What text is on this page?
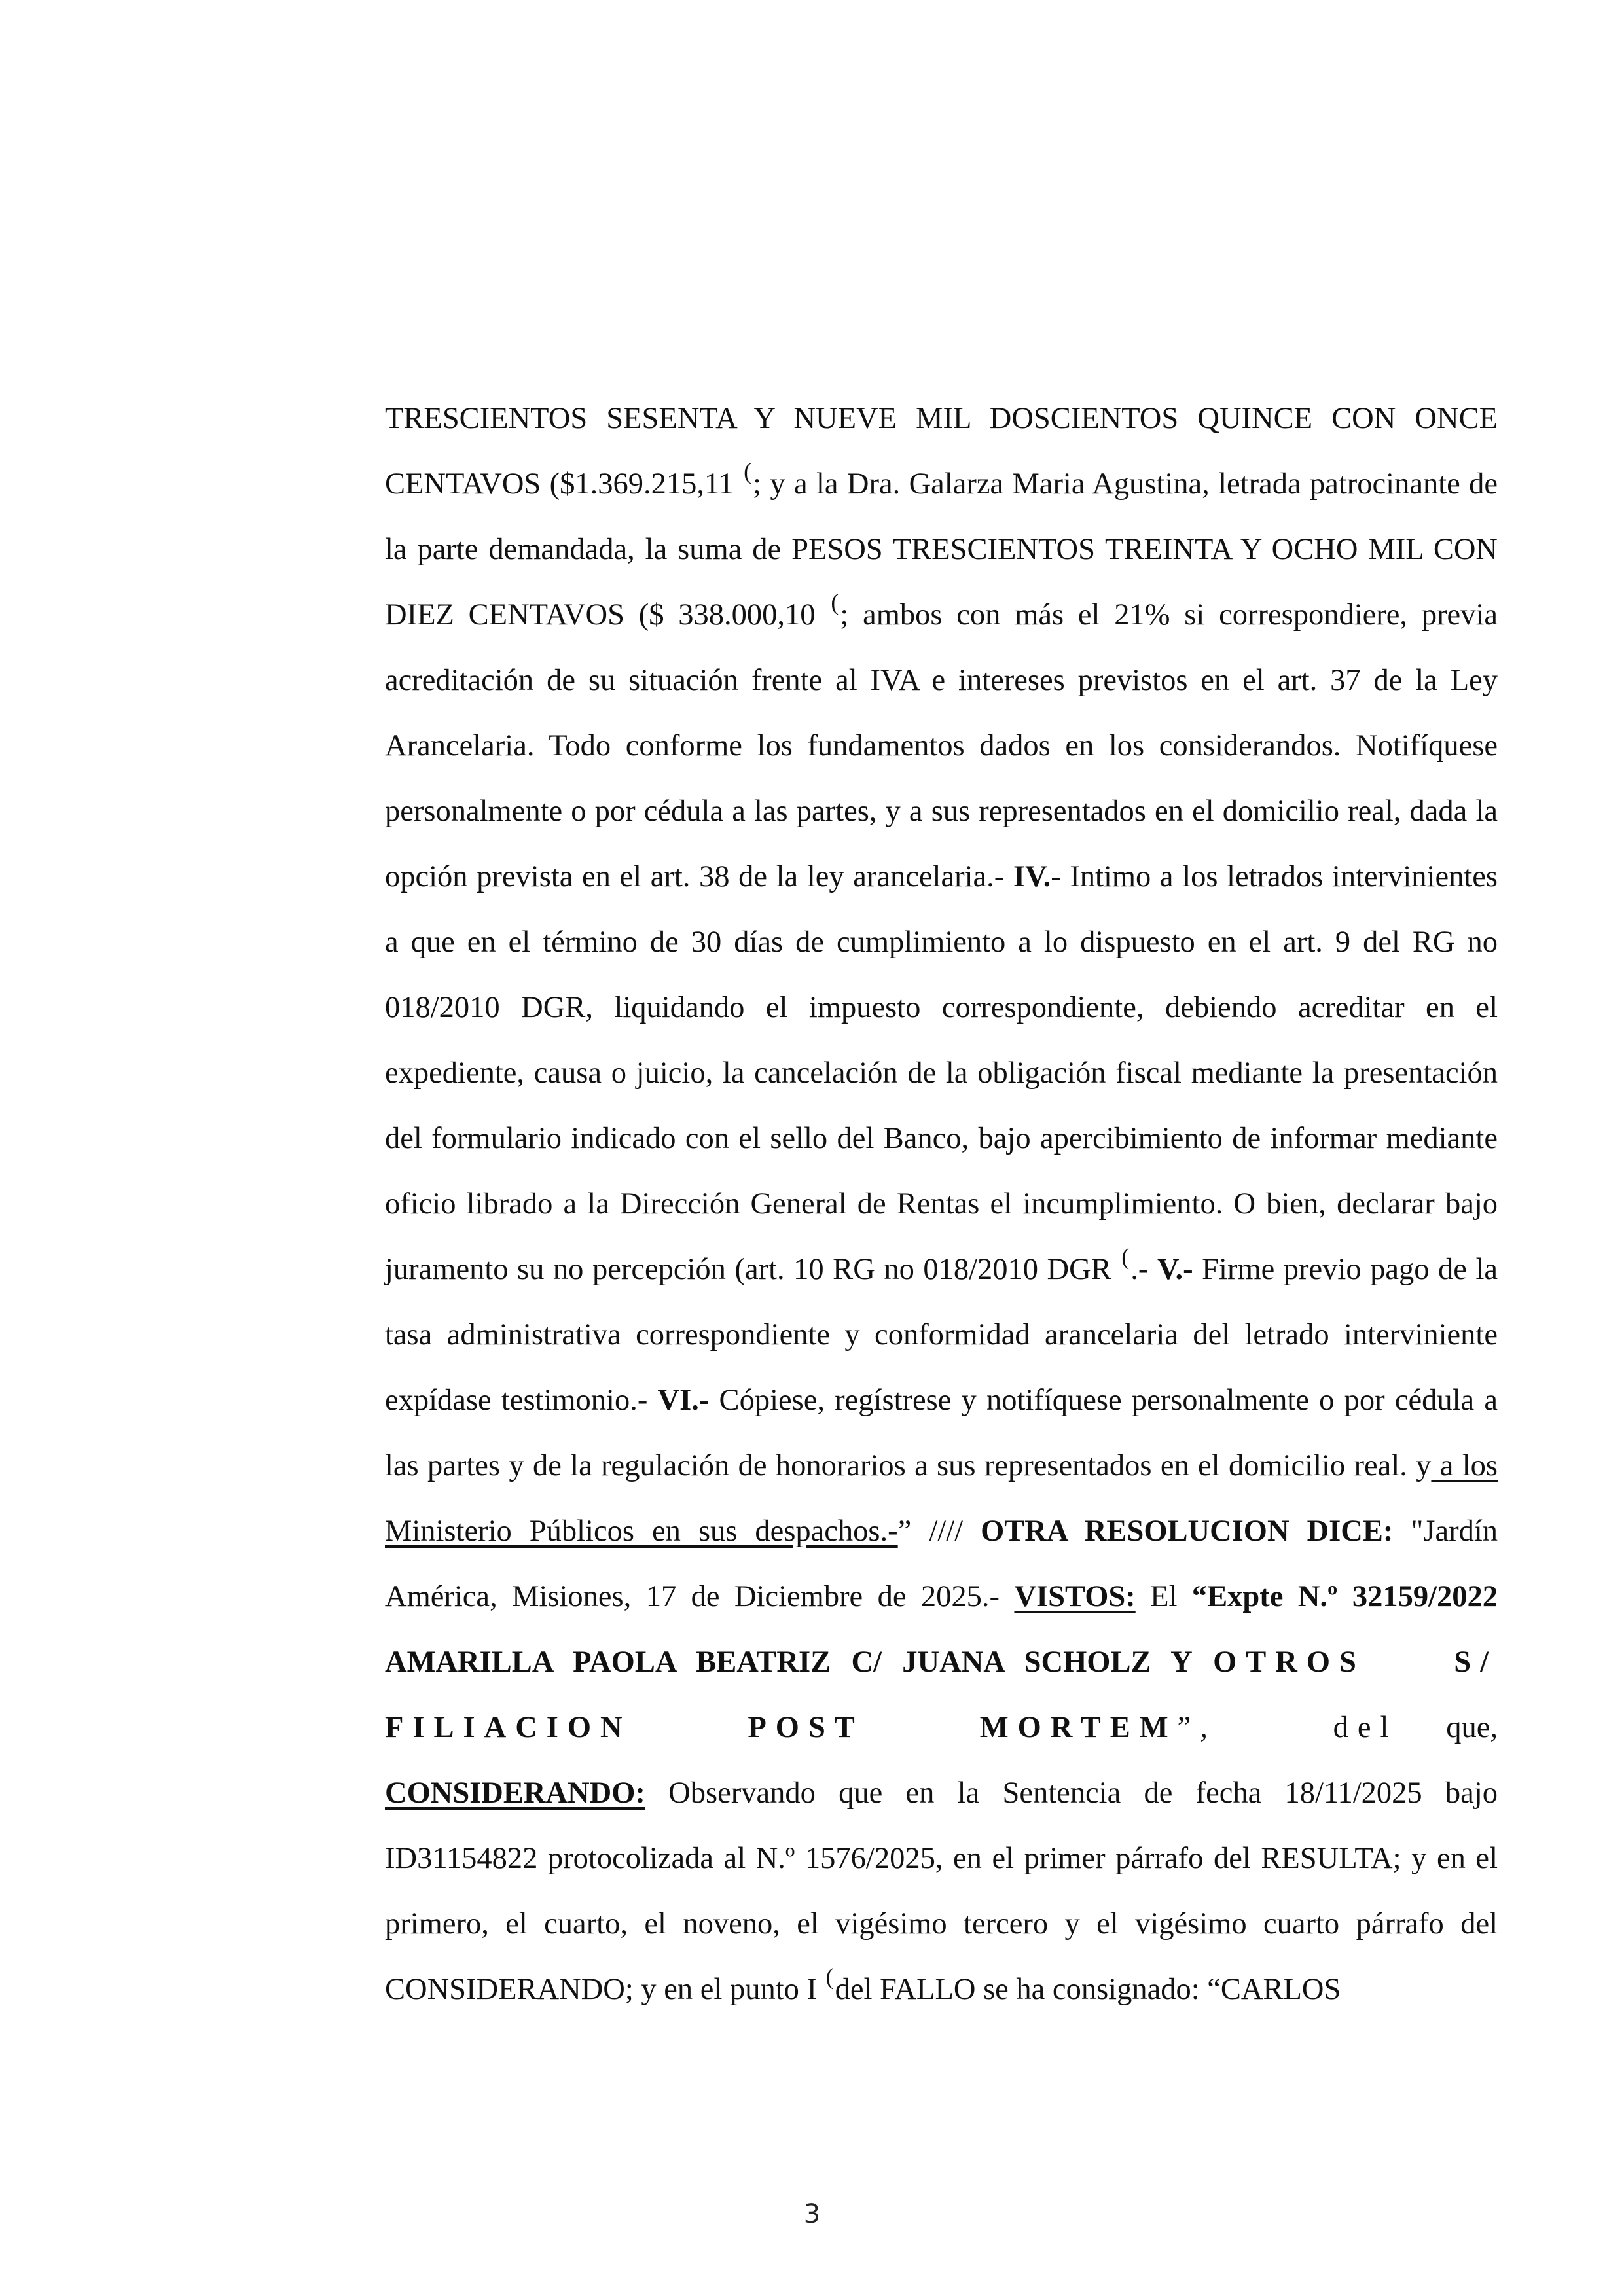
TRESCIENTOS SESENTA Y NUEVE MIL DOSCIENTOS QUINCE CON ONCE CENTAVOS ($1.369.215,11 (; y a la Dra. Galarza Maria Agustina, letrada patrocinante de la parte demandada, la suma de PESOS TRESCIENTOS TREINTA Y OCHO MIL CON DIEZ CENTAVOS ($ 338.000,10 (; ambos con más el 21% si correspondiere, previa acreditación de su situación frente al IVA e intereses previstos en el art. 37 de la Ley Arancelaria. Todo conforme los fundamentos dados en los considerandos. Notifíquese personalmente o por cédula a las partes, y a sus representados en el domicilio real, dada la opción prevista en el art. 38 de la ley arancelaria.- IV.- Intimo a los letrados intervinientes a que en el término de 30 días de cumplimiento a lo dispuesto en el art. 9 del RG no 018/2010 DGR, liquidando el impuesto correspondiente, debiendo acreditar en el expediente, causa o juicio, la cancelación de la obligación fiscal mediante la presentación del formulario indicado con el sello del Banco, bajo apercibimiento de informar mediante oficio librado a la Dirección General de Rentas el incumplimiento. O bien, declarar bajo juramento su no percepción (art. 10 RG no 018/2010 DGR (.- V.- Firme previo pago de la tasa administrativa correspondiente y conformidad arancelaria del letrado interviniente expídase testimonio.- VI.- Cópiese, regístrese y notifíquese personalmente o por cédula a las partes y de la regulación de honorarios a sus representados en el domicilio real. y a los Ministerio Públicos en sus despachos.-” //// OTRA RESOLUCION DICE: "Jardín América, Misiones, 17 de Diciembre de 2025.- VISTOS: El “Expte N.º 32159/2022 AMARILLA PAOLA BEATRIZ C/ JUANA SCHOLZ Y OTROS S/ FILIACION POST MORTEM”, del que, CONSIDERANDO: Observando que en la Sentencia de fecha 18/11/2025 bajo ID31154822 protocolizada al N.º 1576/2025, en el primer párrafo del RESULTA; y en el primero, el cuarto, el noveno, el vigésimo tercero y el vigésimo cuarto párrafo del CONSIDERANDO; y en el punto I (del FALLO se ha consignado: “CARLOS

3
